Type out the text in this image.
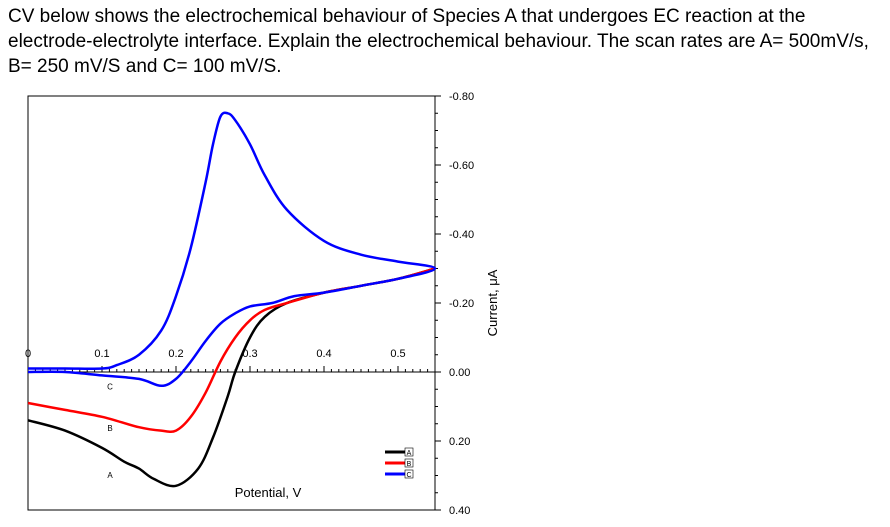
CV below shows the electrochemical behaviour of Species A that undergoes EC reaction at the electrode-electrolyte interface. Explain the electrochemical behaviour. The scan rates are A= 500mV/s, B= 250 mV/S and C= 100 mV/S.

0	0.1	0.2	0.3	0.4	0.5
-0.80
-0.60
-0.40
-0.20
0.00
0.20
0.40
A
B
C
A
B
C
Potential, V
Current, μA
